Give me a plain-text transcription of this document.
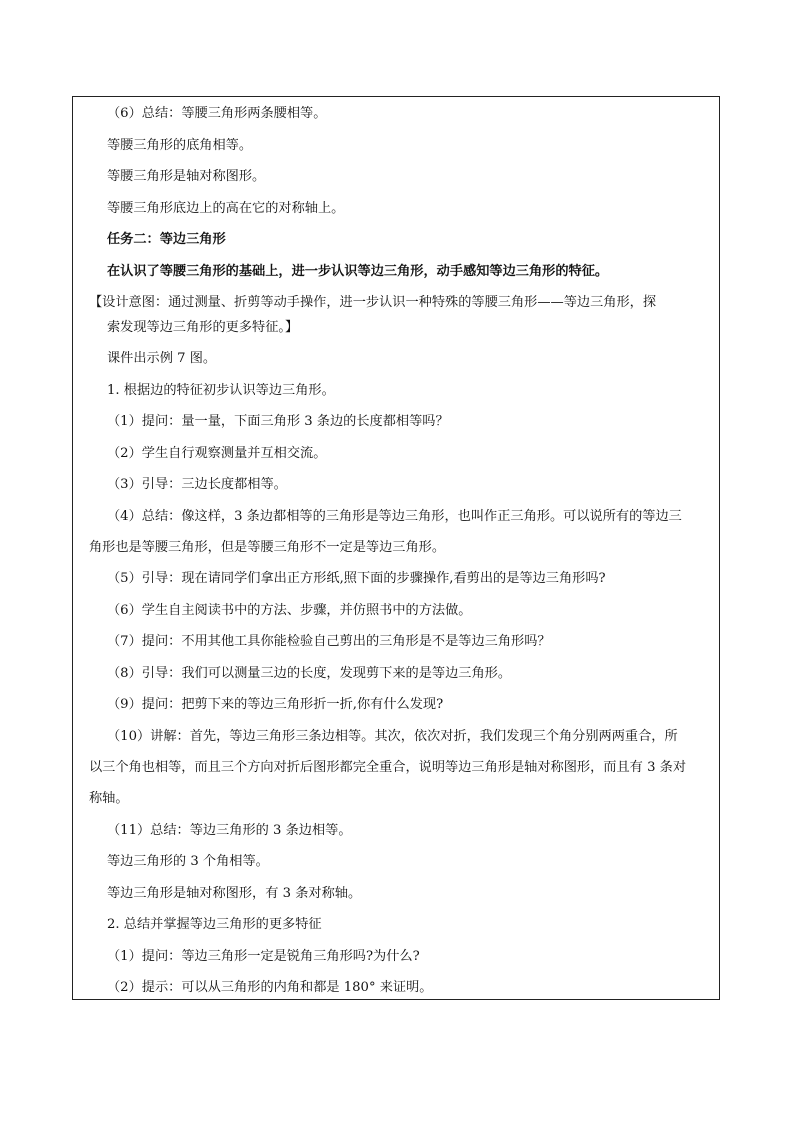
（6）总结：等腰三角形两条腰相等。

等腰三角形的底角相等。

等腰三角形是轴对称图形。

等腰三角形底边上的高在它的对称轴上。

任务二：等边三角形

在认识了等腰三角形的基础上，进一步认识等边三角形，动手感知等边三角形的特征。

【设计意图：通过测量、折剪等动手操作，进一步认识一种特殊的等腰三角形——等边三角形，探

索发现等边三角形的更多特征。】

课件出示例 7 图。

1. 根据边的特征初步认识等边三角形。

（1）提问：量一量，下面三角形 3 条边的长度都相等吗？

（2）学生自行观察测量并互相交流。

（3）引导：三边长度都相等。

（4）总结：像这样，3 条边都相等的三角形是等边三角形，也叫作正三角形。可以说所有的等边三

角形也是等腰三角形，但是等腰三角形不一定是等边三角形。

（5）引导：现在请同学们拿出正方形纸,照下面的步骤操作,看剪出的是等边三角形吗?

（6）学生自主阅读书中的方法、步骤，并仿照书中的方法做。

（7）提问：不用其他工具你能检验自己剪出的三角形是不是等边三角形吗？

（8）引导：我们可以测量三边的长度，发现剪下来的是等边三角形。

（9）提问：把剪下来的等边三角形折一折,你有什么发现?

（10）讲解：首先，等边三角形三条边相等。其次，依次对折，我们发现三个角分别两两重合，所

以三个角也相等，而且三个方向对折后图形都完全重合，说明等边三角形是轴对称图形，而且有 3 条对

称轴。

（11）总结：等边三角形的 3 条边相等。

等边三角形的 3 个角相等。

等边三角形是轴对称图形，有 3 条对称轴。

2. 总结并掌握等边三角形的更多特征

（1）提问：等边三角形一定是锐角三角形吗?为什么?

（2）提示：可以从三角形的内角和都是 180° 来证明。
